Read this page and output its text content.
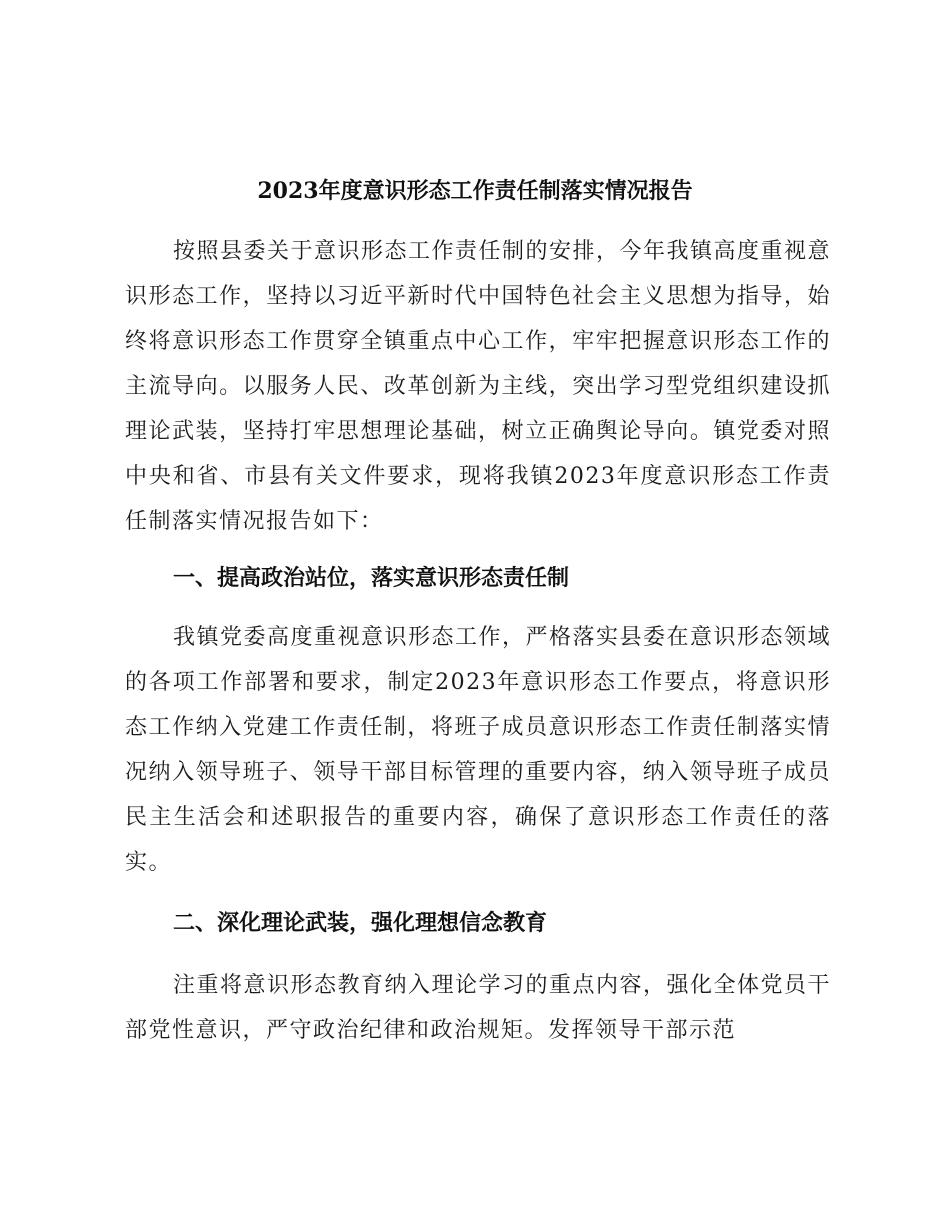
2023年度意识形态工作责任制落实情况报告

按照县委关于意识形态工作责任制的安排，今年我镇高度重视意识形态工作，坚持以习近平新时代中国特色社会主义思想为指导，始终将意识形态工作贯穿全镇重点中心工作，牢牢把握意识形态工作的主流导向。以服务人民、改革创新为主线，突出学习型党组织建设抓理论武装，坚持打牢思想理论基础，树立正确舆论导向。镇党委对照中央和省、市县有关文件要求，现将我镇2023年度意识形态工作责任制落实情况报告如下：

一、提高政治站位，落实意识形态责任制

我镇党委高度重视意识形态工作，严格落实县委在意识形态领域的各项工作部署和要求，制定2023年意识形态工作要点，将意识形态工作纳入党建工作责任制，将班子成员意识形态工作责任制落实情况纳入领导班子、领导干部目标管理的重要内容，纳入领导班子成员民主生活会和述职报告的重要内容，确保了意识形态工作责任的落实。

二、深化理论武装，强化理想信念教育

注重将意识形态教育纳入理论学习的重点内容，强化全体党员干部党性意识，严守政治纪律和政治规矩。发挥领导干部示范
